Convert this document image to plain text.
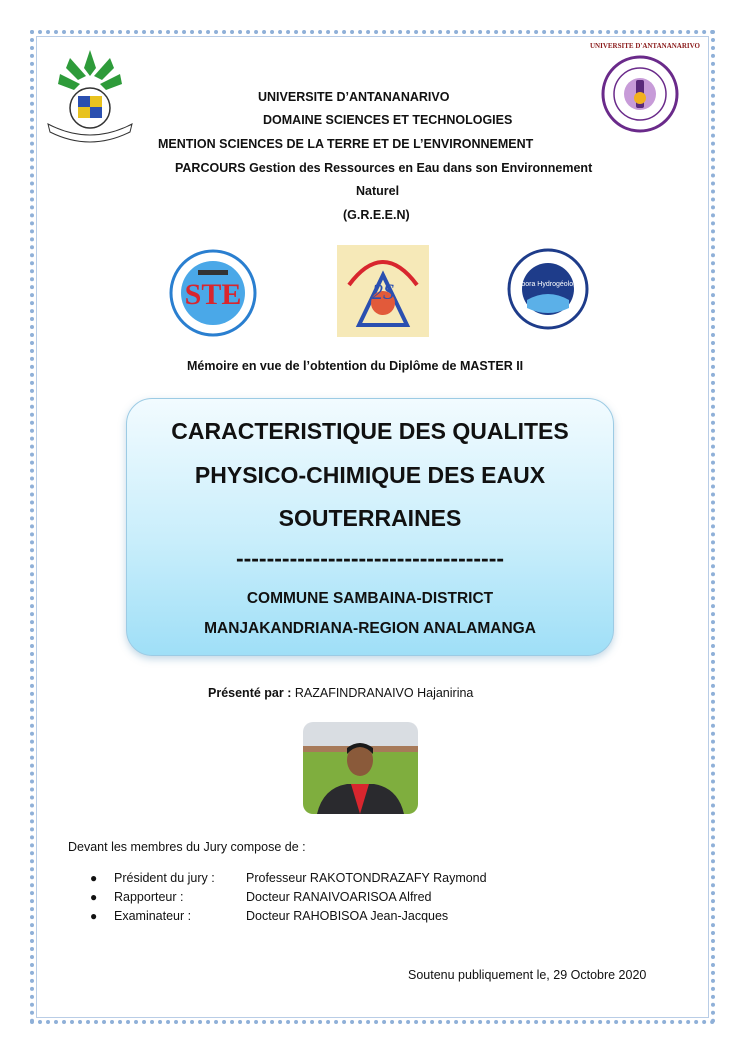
UNIVERSITE D'ANTANANARIVO
UNIVERSITE D’ANTANANARIVO
DOMAINE SCIENCES ET TECHNOLOGIES
MENTION SCIENCES DE LA TERRE ET DE L’ENVIRONNEMENT
PARCOURS Gestion des Ressources en Eau dans son Environnement
Naturel
(G.R.E.E.N)
STE	2S	Labora Hydrogéologie
Mémoire en vue de l’obtention du Diplôme de MASTER II
CARACTERISTIQUE DES QUALITES
PHYSICO-CHIMIQUE DES EAUX
SOUTERRAINES
-----------------------------------
COMMUNE SAMBAINA-DISTRICT
MANJAKANDRIANA-REGION ANALAMANGA
Présenté par : RAZAFINDRANAIVO Hajanirina
Devant les membres du Jury compose de :
● Président du jury :	Professeur RAKOTONDRAZAFY Raymond
● Rapporteur :	Docteur RANAIVOARISOA Alfred
● Examinateur :	Docteur RAHOBISOA Jean-Jacques
Soutenu publiquement le, 29 Octobre 2020
